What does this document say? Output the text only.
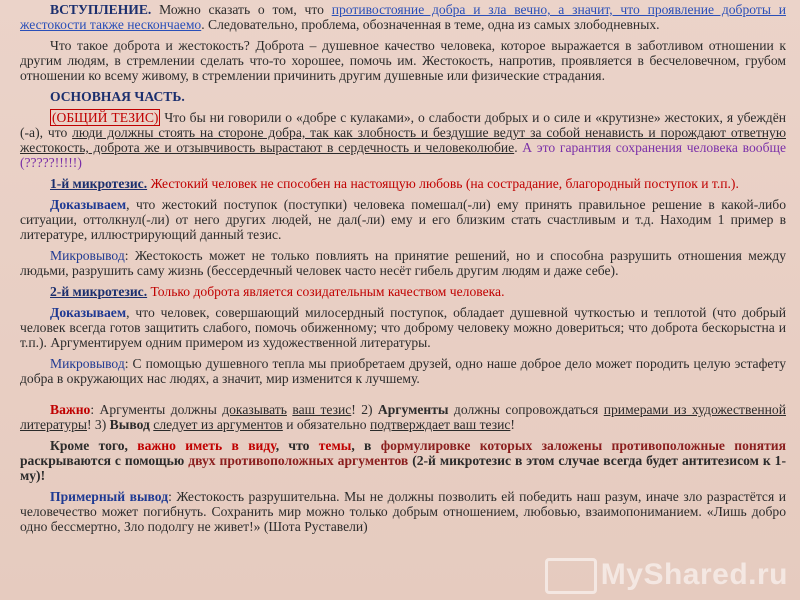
ВСТУПЛЕНИЕ. Можно сказать о том, что противостояние добра и зла вечно, а значит, что проявление доброты и жестокости также нескончаемо. Следовательно, проблема, обозначенная в теме, одна из самых злободневных.

Что такое доброта и жестокость? Доброта – душевное качество человека, которое выражается в заботливом отношении к другим людям, в стремлении сделать что-то хорошее, помочь им. Жестокость, напротив, проявляется в бесчеловечном, грубом отношении ко всему живому, в стремлении причинить другим душевные или физические страдания.

ОСНОВНАЯ ЧАСТЬ.

(ОБЩИЙ ТЕЗИС) Что бы ни говорили о «добре с кулаками», о слабости добрых и о силе и «крутизне» жестоких, я убеждён (-а), что люди должны стоять на стороне добра, так как злобность и бездушие ведут за собой ненависть и порождают ответную жестокость, доброта же и отзывчивость вырастают в сердечность и человеколюбие. А это гарантия сохранения человека вообще (?????!!!!!)

1-й микротезис. Жестокий человек не способен на настоящую любовь (на сострадание, благородный поступок и т.п.).

Доказываем, что жестокий поступок (поступки) человека помешал(-ли) ему принять правильное решение в какой-либо ситуации, оттолкнул(-ли) от него других людей, не дал(-ли) ему и его близким стать счастливым и т.д. Находим 1 пример в литературе, иллюстрирующий данный тезис.

Микровывод: Жестокость может не только повлиять на принятие решений, но и способна разрушить отношения между людьми, разрушить саму жизнь (бессердечный человек часто несёт гибель другим людям и даже себе).

2-й микротезис. Только доброта является созидательным качеством человека.

Доказываем, что человек, совершающий милосердный поступок, обладает душевной чуткостью и теплотой (что добрый человек всегда готов защитить слабого, помочь обиженному; что доброму человеку можно довериться; что доброта бескорыстна и т.п.). Аргументируем одним примером из художественной литературы.

Микровывод: С помощью душевного тепла мы приобретаем друзей, одно наше доброе дело может породить целую эстафету добра в окружающих нас людях, а значит, мир изменится к лучшему.

Важно: Аргументы должны доказывать ваш тезис! 2) Аргументы должны сопровождаться примерами из художественной литературы! 3) Вывод следует из аргументов и обязательно подтверждает ваш тезис!

Кроме того, важно иметь в виду, что темы, в формулировке которых заложены противоположные понятия раскрываются с помощью двух противоположных аргументов (2-й микротезис в этом случае всегда будет антитезисом к 1-му)!

Примерный вывод: Жестокость разрушительна. Мы не должны позволить ей победить наш разум, иначе зло разрастётся и человечество может погибнуть. Сохранить мир можно только добрым отношением, любовью, взаимопониманием. «Лишь добро одно бессмертно, Зло подолгу не живет!» (Шота Руставели)

MyShared.ru
